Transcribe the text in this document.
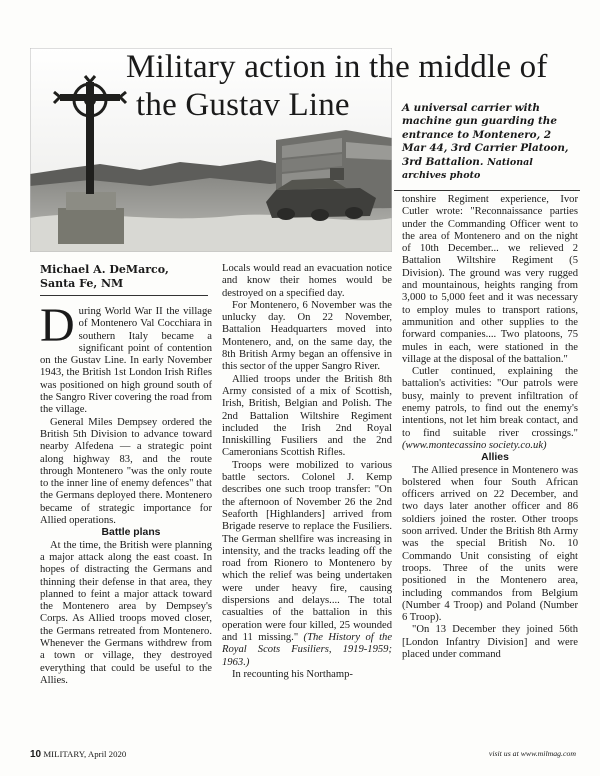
Military action in the middle of
the Gustav Line	A universal carrier with machine gun guarding the entrance to Montenero, 2 Mar 44, 3rd Carrier Platoon, 3rd Battalion. National archives photo
Michael A. DeMarco,
Santa Fe, NM

During World War II the village of Montenero Val Cocchiara in southern Italy became a significant point of contention on the Gustav Line. In early November 1943, the British 1st London Irish Rifles was positioned on high ground south of the Sangro River covering the road from the village.

General Miles Dempsey ordered the British 5th Division to advance toward nearby Alfedena — a strategic point along highway 83, and the route through Montenero "was the only route to the inner line of enemy defences" that the Germans deployed there. Montenero became of strategic importance for Allied operations.

Battle plans

At the time, the British were planning a major attack along the east coast. In hopes of distracting the Germans and thinning their defense in that area, they planned to feint a major attack toward the Montenero area by Dempsey's Corps. As Allied troops moved closer, the Germans retreated from Montenero. Whenever the Germans withdrew from a town or village, they destroyed everything that could be useful to the Allies.

Locals would read an evacuation notice and know their homes would be destroyed on a specified day.

For Montenero, 6 November was the unlucky day. On 22 November, Battalion Headquarters moved into Montenero, and, on the same day, the 8th British Army began an offensive in this sector of the upper Sangro River.

Allied troops under the British 8th Army consisted of a mix of Scottish, Irish, British, Belgian and Polish. The 2nd Battalion Wiltshire Regiment included the Irish 2nd Royal Inniskilling Fusiliers and the 2nd Cameronians Scottish Rifles.

Troops were mobilized to various battle sectors. Colonel J. Kemp describes one such troop transfer: "On the afternoon of November 26 the 2nd Seaforth [Highlanders] arrived from Brigade reserve to replace the Fusiliers. The German shellfire was increasing in intensity, and the tracks leading off the road from Rionero to Montenero by which the relief was being undertaken were under heavy fire, causing dispersions and delays.... The total casualties of the battalion in this operation were four killed, 25 wounded and 11 missing." (The History of the Royal Scots Fusiliers, 1919-1959; 1963.)

In recounting his Northamp-

tonshire Regiment experience, Ivor Cutler wrote: "Reconnaissance parties under the Commanding Officer went to the area of Montenero and on the night of 10th December... we relieved 2 Battalion Wiltshire Regiment (5 Division). The ground was very rugged and mountainous, heights ranging from 3,000 to 5,000 feet and it was necessary to employ mules to transport rations, ammunition and other supplies to the forward companies.... Two platoons, 75 mules in each, were stationed in the village at the disposal of the battalion."

Cutler continued, explaining the battalion's activities: "Our patrols were busy, mainly to prevent infiltration of enemy patrols, to find out the enemy's intentions, not let him break contact, and to find suitable river crossings." (www.montecassino society.co.uk)

Allies

The Allied presence in Montenero was bolstered when four South African officers arrived on 22 December, and two days later another officer and 86 soldiers joined the roster. Other troops soon arrived. Under the British 8th Army was the special British No. 10 Commando Unit consisting of eight troops. Three of the units were positioned in the Montenero area, including commandos from Belgium (Number 4 Troop) and Poland (Number 6 Troop).

"On 13 December they joined 56th [London Infantry Division] and were placed under command

10 MILITARY, April 2020	visit us at www.milmag.com
